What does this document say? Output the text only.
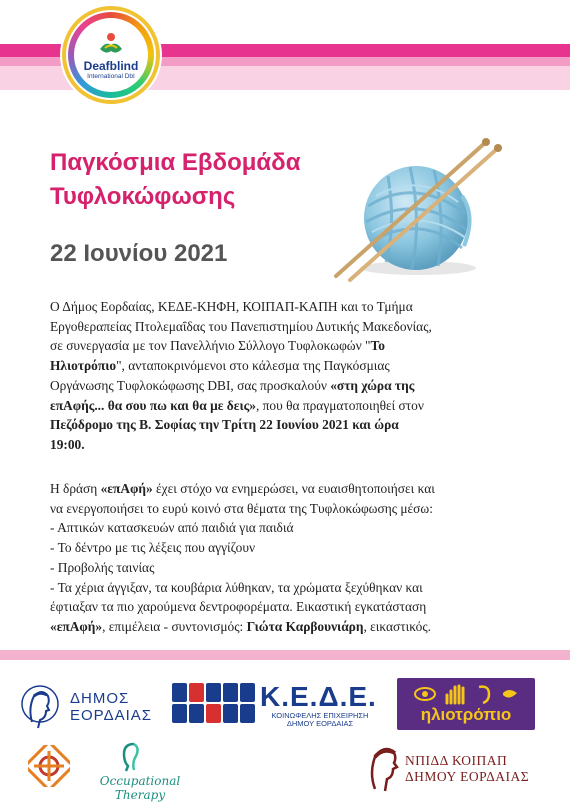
Deafblind
International DbI
Παγκόσμια Εβδομάδα
Τυφλοκώφωσης
22 Ιουνίου 2021
Ο Δήμος Εορδαίας, ΚΕΔΕ-ΚΗΦΗ, ΚΟΙΠΑΠ-ΚΑΠΗ και το Τμήμα
Εργοθεραπείας Πτολεμαΐδας του Πανεπιστημίου Δυτικής Μακεδονίας,
σε συνεργασία με τον Πανελλήνιο Σύλλογο Τυφλοκωφών "Το
Ηλιοτρόπιο", ανταποκρινόμενοι στο κάλεσμα της Παγκόσμιας
Οργάνωσης Τυφλοκώφωσης DBI, σας προσκαλούν «στη χώρα της
επΑφής... θα σου πω και θα με δεις», που θα πραγματοποιηθεί στον
Πεζόδρομο της Β. Σοφίας την Τρίτη 22 Ιουνίου 2021 και ώρα
19:00.
Η δράση «επΑφή» έχει στόχο να ενημερώσει, να ευαισθητοποιήσει και
να ενεργοποιήσει το ευρύ κοινό στα θέματα της Τυφλοκώφωσης μέσω:
- Απτικών κατασκευών από παιδιά για παιδιά
- Το δέντρο με τις λέξεις που αγγίζουν
- Προβολής ταινίας
- Τα χέρια άγγιξαν, τα κουβάρια λύθηκαν, τα χρώματα ξεχύθηκαν και
έφτιαξαν τα πιο χαρούμενα δεντροφορέματα. Εικαστική εγκατάσταση
«επΑφή», επιμέλεια - συντονισμός: Γιώτα Καρβουνιάρη, εικαστικός.
ΔΗΜΟΣ
ΕΟΡΔΑΙΑΣ
Κ.Ε.Δ.Ε.
ΚΟΙΝΩΦΕΛΗΣ ΕΠΙΧΕΙΡΗΣΗ
ΔΗΜΟΥ ΕΟΡΔΑΙΑΣ	ηλιοτρόπιο
Occupational Therapy
ΝΠΙΔΔ ΚΟΙΠΑΠ
ΔΗΜΟΥ ΕΟΡΔΑΙΑΣ
